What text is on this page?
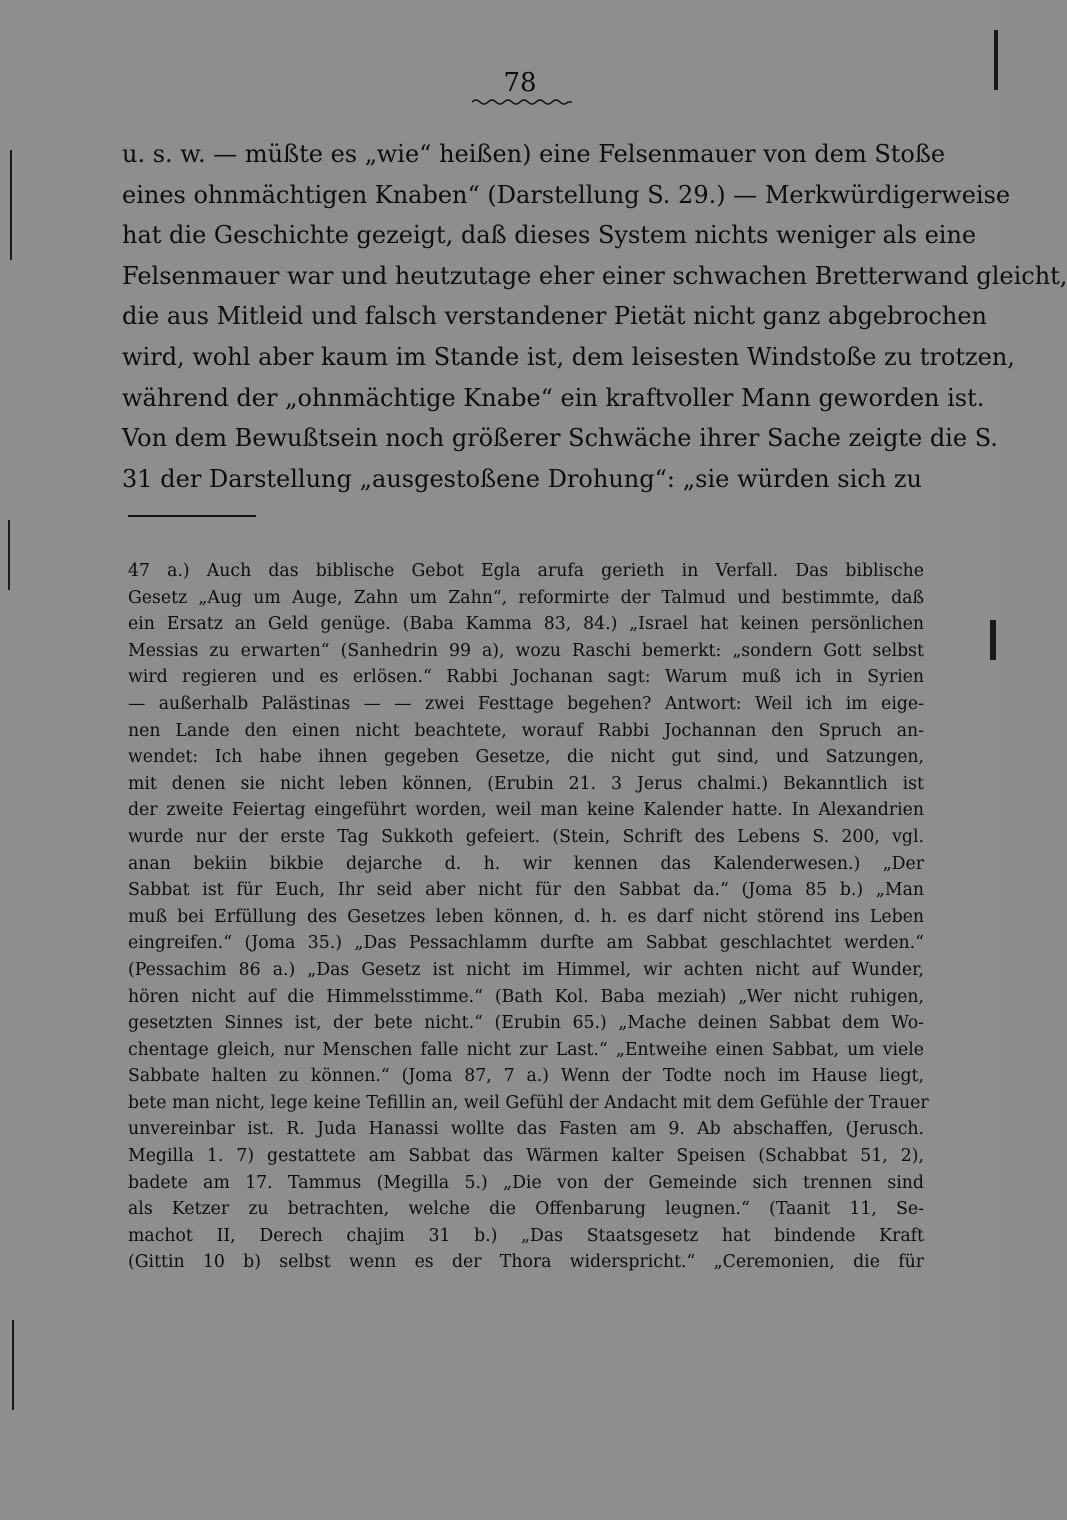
78
u. s. w. — müßte es „wie“ heißen) eine Felsenmauer von dem Stoße
eines ohnmächtigen Knaben“ (Darstellung S. 29.) — Merkwürdigerweise
hat die Geschichte gezeigt, daß dieses System nichts weniger als eine
Felsenmauer war und heutzutage eher einer schwachen Bretterwand gleicht,
die aus Mitleid und falsch verstandener Pietät nicht ganz abgebrochen
wird, wohl aber kaum im Stande ist, dem leisesten Windstoße zu trotzen,
während der „ohnmächtige Knabe“ ein kraftvoller Mann geworden ist.
Von dem Bewußtsein noch größerer Schwäche ihrer Sache zeigte die S.
31 der Darstellung „ausgestoßene Drohung“: „sie würden sich zu
47 a.) Auch das biblische Gebot Egla arufa gerieth in Verfall. Das biblische
Gesetz „Aug um Auge, Zahn um Zahn“, reformirte der Talmud und bestimmte, daß
ein Ersatz an Geld genüge. (Baba Kamma 83, 84.) „Israel hat keinen persönlichen
Messias zu erwarten“ (Sanhedrin 99 a), wozu Raschi bemerkt: „sondern Gott selbst
wird regieren und es erlösen.“ Rabbi Jochanan sagt: Warum muß ich in Syrien
— außerhalb Palästinas — — zwei Festtage begehen? Antwort: Weil ich im eige-
nen Lande den einen nicht beachtete, worauf Rabbi Jochannan den Spruch an-
wendet: Ich habe ihnen gegeben Gesetze, die nicht gut sind, und Satzungen,
mit denen sie nicht leben können, (Erubin 21. 3 Jerus chalmi.) Bekanntlich ist
der zweite Feiertag eingeführt worden, weil man keine Kalender hatte. In Alexandrien
wurde nur der erste Tag Sukkoth gefeiert. (Stein, Schrift des Lebens S. 200, vgl.
anan bekiin bikbie dejarche d. h. wir kennen das Kalenderwesen.) „Der
Sabbat ist für Euch, Ihr seid aber nicht für den Sabbat da.“ (Joma 85 b.) „Man
muß bei Erfüllung des Gesetzes leben können, d. h. es darf nicht störend ins Leben
eingreifen.“ (Joma 35.) „Das Pessachlamm durfte am Sabbat geschlachtet werden.“
(Pessachim 86 a.) „Das Gesetz ist nicht im Himmel, wir achten nicht auf Wunder,
hören nicht auf die Himmelsstimme.“ (Bath Kol. Baba meziah) „Wer nicht ruhigen,
gesetzten Sinnes ist, der bete nicht.“ (Erubin 65.) „Mache deinen Sabbat dem Wo-
chentage gleich, nur Menschen falle nicht zur Last.“ „Entweihe einen Sabbat, um viele
Sabbate halten zu können.“ (Joma 87, 7 a.) Wenn der Todte noch im Hause liegt,
bete man nicht, lege keine Tefillin an, weil Gefühl der Andacht mit dem Gefühle der Trauer
unvereinbar ist. R. Juda Hanassi wollte das Fasten am 9. Ab abschaffen, (Jerusch.
Megilla 1. 7) gestattete am Sabbat das Wärmen kalter Speisen (Schabbat 51, 2),
badete am 17. Tammus (Megilla 5.) „Die von der Gemeinde sich trennen sind
als Ketzer zu betrachten, welche die Offenbarung leugnen.“ (Taanit 11, Se-
machot II, Derech chajim 31 b.) „Das Staatsgesetz hat bindende Kraft
(Gittin 10 b) selbst wenn es der Thora widerspricht.“ „Ceremonien, die für
